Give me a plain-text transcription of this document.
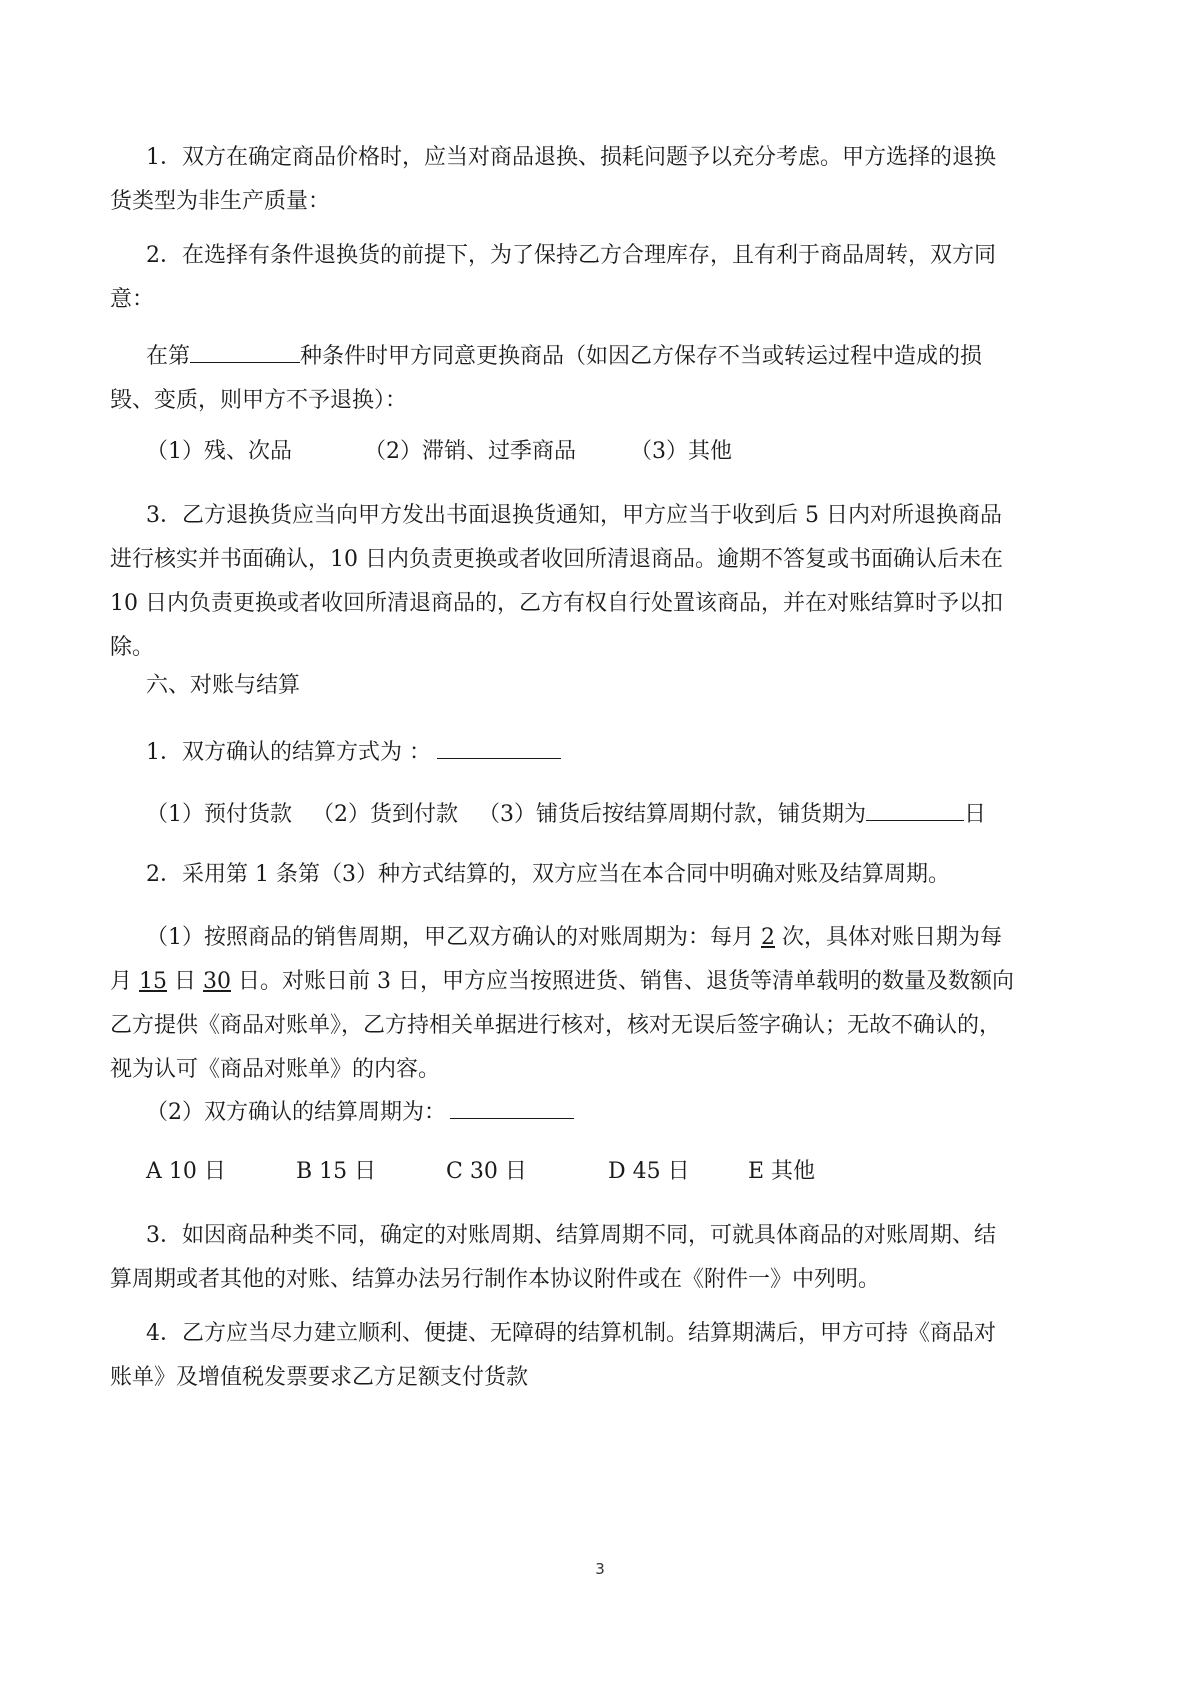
1．双方在确定商品价格时，应当对商品退换、损耗问题予以充分考虑。甲方选择的退换
货类型为非生产质量：
2．在选择有条件退换货的前提下，为了保持乙方合理库存，且有利于商品周转，双方同
意：
在第	种条件时甲方同意更换商品（如因乙方保存不当或转运过程中造成的损
毁、变质，则甲方不予退换）：
（1）残、次品	（2）滞销、过季商品 （3）其他
3．乙方退换货应当向甲方发出书面退换货通知，甲方应当于收到后 5 日内对所退换商品
进行核实并书面确认，10 日内负责更换或者收回所清退商品。逾期不答复或书面确认后未在
10 日内负责更换或者收回所清退商品的，乙方有权自行处置该商品，并在对账结算时予以扣
除。
六、对账与结算
1．双方确认的结算方式为 ：
（1）预付货款 （2）货到付款 （3）铺货后按结算周期付款，铺货期为	日
2．采用第 1 条第（3）种方式结算的，双方应当在本合同中明确对账及结算周期。
（1）按照商品的销售周期，甲乙双方确认的对账周期为：每月 2 次，具体对账日期为每
月 15 日 30 日。对账日前 3 日，甲方应当按照进货、销售、退货等清单载明的数量及数额向
乙方提供《商品对账单》，乙方持相关单据进行核对，核对无误后签字确认；无故不确认的，
视为认可《商品对账单》的内容。
（2）双方确认的结算周期为：
A 10 日	B 15 日	C 30 日	D 45 日	E 其他
3．如因商品种类不同，确定的对账周期、结算周期不同，可就具体商品的对账周期、结
算周期或者其他的对账、结算办法另行制作本协议附件或在《附件一》中列明。
4．乙方应当尽力建立顺利、便捷、无障碍的结算机制。结算期满后，甲方可持《商品对
账单》及增值税发票要求乙方足额支付货款
3
